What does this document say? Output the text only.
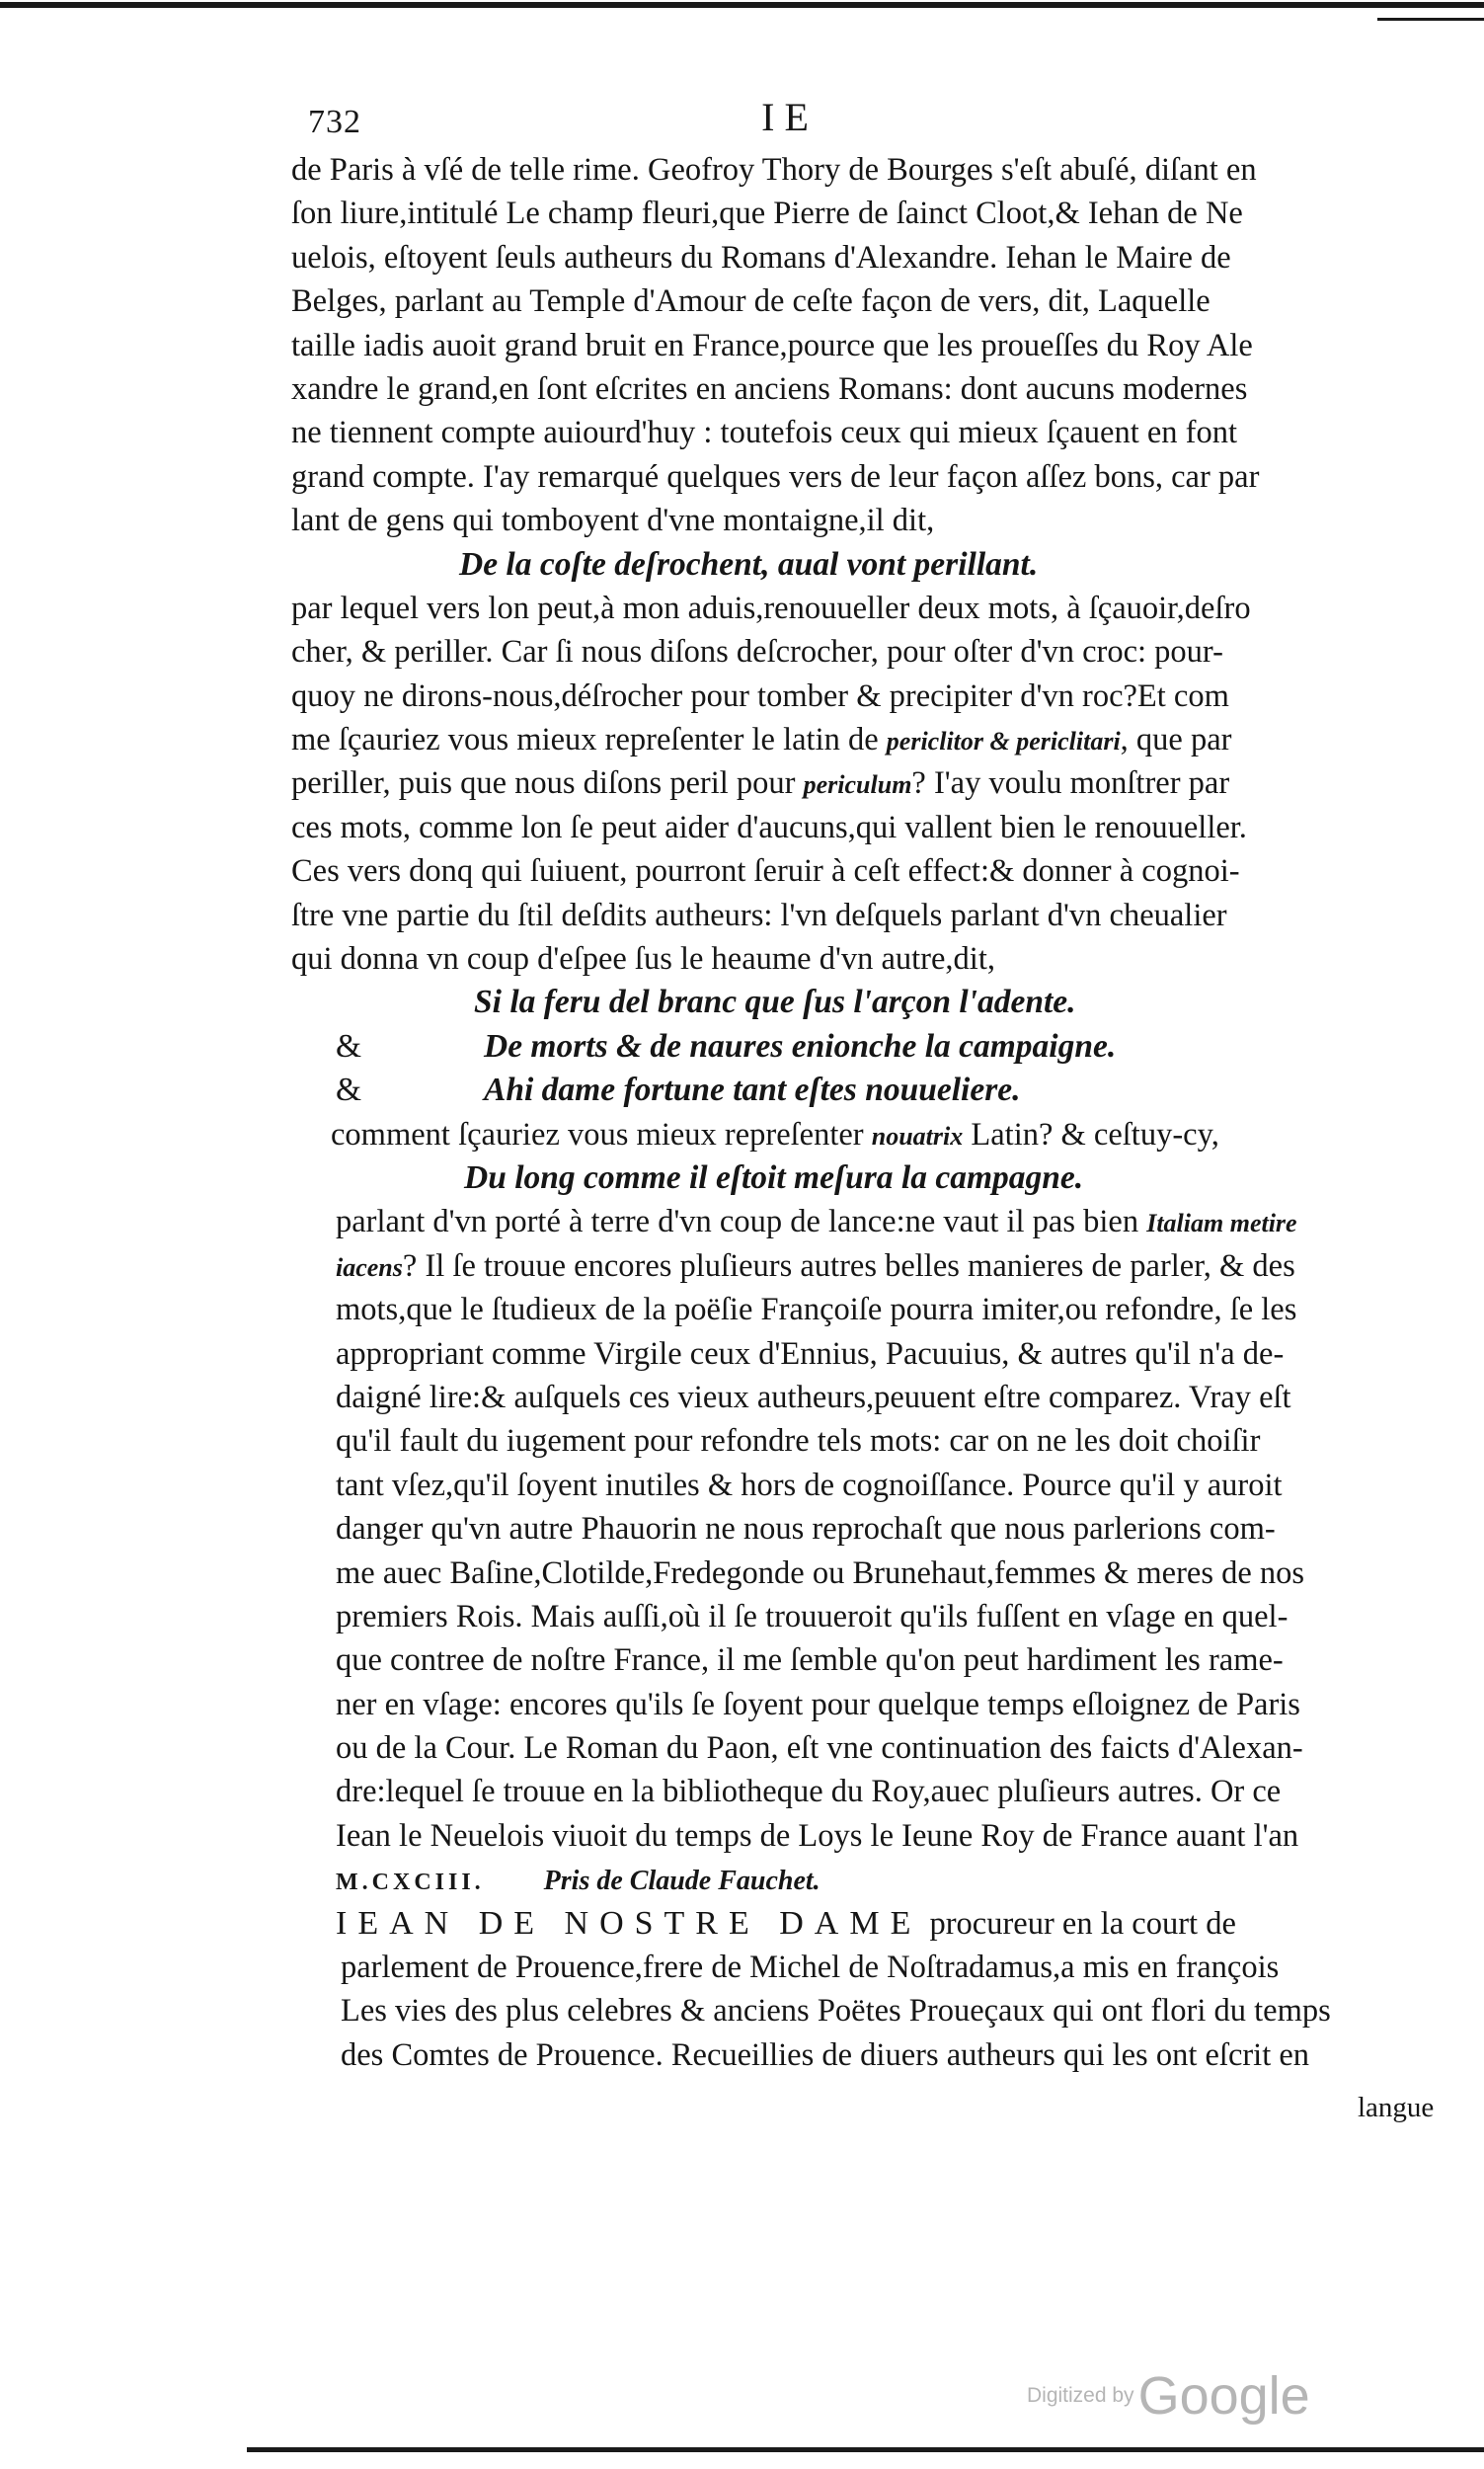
732	IE
de Paris à vſé de telle rime. Geofroy Thory de Bourges s'eſt abuſé, diſant en
ſon liure,intitulé Le champ fleuri,que Pierre de ſainct Cloot,& Iehan de Ne
uelois, eſtoyent ſeuls autheurs du Romans d'Alexandre. Iehan le Maire de
Belges, parlant au Temple d'Amour de ceſte façon de vers, dit, Laquelle
taille iadis auoit grand bruit en France,pource que les proueſſes du Roy Ale
xandre le grand,en ſont eſcrites en anciens Romans: dont aucuns modernes
ne tiennent compte auiourd'huy : toutefois ceux qui mieux ſçauent en font
grand compte. I'ay remarqué quelques vers de leur façon aſſez bons, car par
lant de gens qui tomboyent d'vne montaigne,il dit,
De la coſte deſrochent, aual vont perillant.
par lequel vers lon peut,à mon aduis,renouueller deux mots, à ſçauoir,deſro
cher, & periller. Car ſi nous diſons deſcrocher, pour oſter d'vn croc: pour-
quoy ne dirons-nous,déſrocher pour tomber & precipiter d'vn roc?Et com
me ſçauriez vous mieux repreſenter le latin de periclitor & periclitari, que par
periller, puis que nous diſons peril pour periculum? I'ay voulu monſtrer par
ces mots, comme lon ſe peut aider d'aucuns,qui vallent bien le renouueller.
Ces vers donq qui ſuiuent, pourront ſeruir à ceſt effect:& donner à cognoi-
ſtre vne partie du ſtil deſdits autheurs: l'vn deſquels parlant d'vn cheualier
qui donna vn coup d'eſpee ſus le heaume d'vn autre,dit,
Si la feru del branc que ſus l'arçon l'adente.
&	De morts & de naures enionche la campaigne.
&	Ahi dame fortune tant eſtes nouueliere.
comment ſçauriez vous mieux repreſenter nouatrix Latin? & ceſtuy-cy,
Du long comme il eſtoit meſura la campagne.
parlant d'vn porté à terre d'vn coup de lance:ne vaut il pas bien Italiam metire
iacens? Il ſe trouue encores pluſieurs autres belles manieres de parler, & des
mots,que le ſtudieux de la poëſie Françoiſe pourra imiter,ou refondre, ſe les
appropriant comme Virgile ceux d'Ennius, Pacuuius, & autres qu'il n'a de-
daigné lire:& auſquels ces vieux autheurs,peuuent eſtre comparez. Vray eſt
qu'il fault du iugement pour refondre tels mots: car on ne les doit choiſir
tant vſez,qu'il ſoyent inutiles & hors de cognoiſſance. Pource qu'il y auroit
danger qu'vn autre Phauorin ne nous reprochaſt que nous parlerions com-
me auec Baſine,Clotilde,Fredegonde ou Brunehaut,femmes & meres de nos
premiers Rois. Mais auſſi,où il ſe trouueroit qu'ils fuſſent en vſage en quel-
que contree de noſtre France, il me ſemble qu'on peut hardiment les rame-
ner en vſage: encores qu'ils ſe ſoyent pour quelque temps eſloignez de Paris
ou de la Cour. Le Roman du Paon, eſt vne continuation des faicts d'Alexan-
dre:lequel ſe trouue en la bibliotheque du Roy,auec pluſieurs autres. Or ce
Iean le Neuelois viuoit du temps de Loys le Ieune Roy de France auant l'an
M.CXCIII. Pris de Claude Fauchet.
IEAN DE NOSTRE DAME procureur en la court de
parlement de Prouence,frere de Michel de Noſtradamus,a mis en françois
Les vies des plus celebres & anciens Poëtes Proueçaux qui ont flori du temps
des Comtes de Prouence. Recueillies de diuers autheurs qui les ont eſcrit en
langue
Digitized byGoogle
